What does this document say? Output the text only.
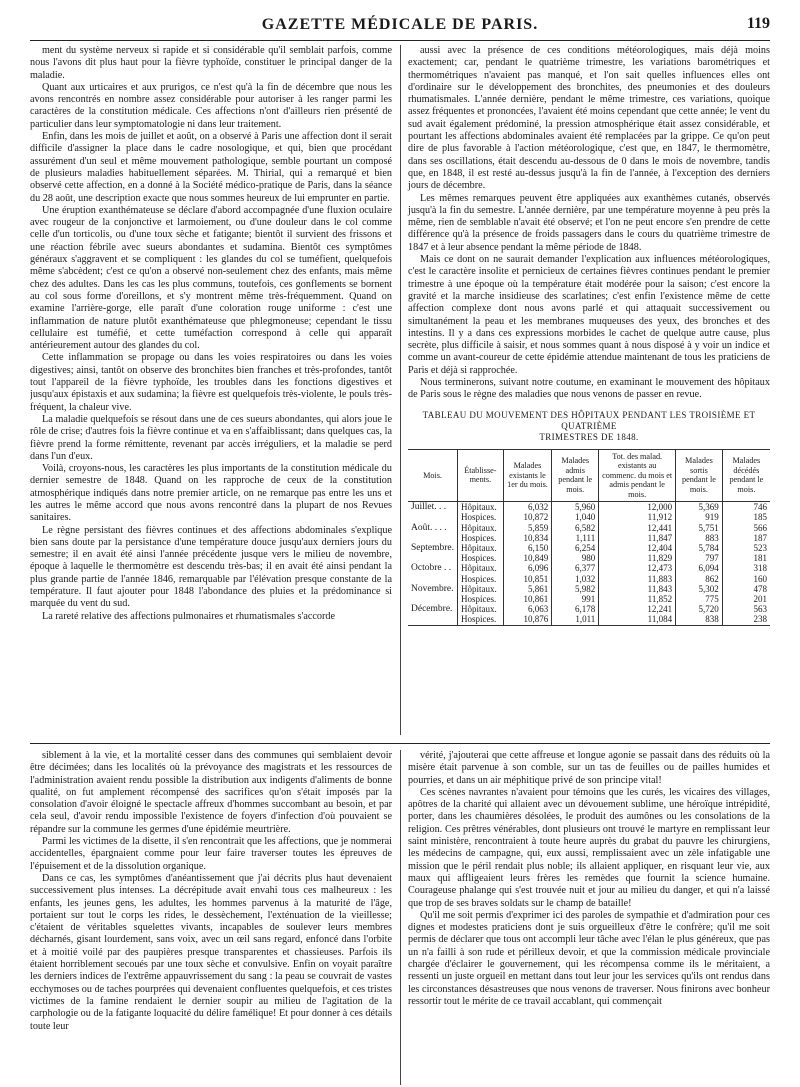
GAZETTE MÉDICALE DE PARIS.	119

ment du système nerveux si rapide et si considérable qu'il semblait parfois, comme nous l'avons dit plus haut pour la fièvre typhoïde, constituer le principal danger de la maladie.

Quant aux urticaires et aux prurigos, ce n'est qu'à la fin de décembre que nous les avons rencontrés en nombre assez considérable pour autoriser à les ranger parmi les caractères de la constitution médicale. Ces affections n'ont d'ailleurs rien présenté de particulier dans leur symptomatologie ni dans leur traitement.

Enfin, dans les mois de juillet et août, on a observé à Paris une affection dont il serait difficile d'assigner la place dans le cadre nosologique, et qui, bien que procédant assurément d'un seul et même mouvement pathologique, semble pourtant un composé de plusieurs maladies habituellement séparées. M. Thirial, qui a remarqué et bien observé cette affection, en a donné à la Société médico-pratique de Paris, dans la séance du 28 août, une description exacte que nous sommes heureux de lui emprunter en partie.

Une éruption exanthémateuse se déclare d'abord accompagnée d'une fluxion oculaire avec rougeur de la conjonctive et larmoiement, ou d'une douleur dans le col comme celle d'un torticolis, ou d'une toux sèche et fatigante; bientôt il survient des frissons et une réaction fébrile avec sueurs abondantes et sudamina. Bientôt ces symptômes généraux s'aggravent et se compliquent : les glandes du col se tuméfient, quelquefois même s'abcèdent; c'est ce qu'on a observé non-seulement chez des enfants, mais même chez des adultes. Dans les cas les plus communs, toutefois, ces gonflements se bornent au col sous forme d'oreillons, et s'y montrent même très-fréquemment. Quand on examine l'arrière-gorge, elle paraît d'une coloration rouge uniforme : c'est une inflammation de nature plutôt exanthémateuse que phlegmoneuse; cependant le tissu cellulaire est tuméfié, et cette tuméfaction correspond à celle qui apparaît antérieurement autour des glandes du col.

Cette inflammation se propage ou dans les voies respiratoires ou dans les voies digestives; ainsi, tantôt on observe des bronchites bien franches et très-profondes, tantôt tout l'appareil de la fièvre typhoïde, les troubles dans les fonctions digestives et jusqu'aux épistaxis et aux sudamina; la fièvre est quelquefois très-violente, le pouls très-fréquent, la chaleur vive.

La maladie quelquefois se résout dans une de ces sueurs abondantes, qui alors joue le rôle de crise; d'autres fois la fièvre continue et va en s'affaiblissant; dans quelques cas, la fièvre prend la forme rémittente, revenant par accès irréguliers, et la maladie se perd dans l'un d'eux.

Voilà, croyons-nous, les caractères les plus importants de la constitution médicale du dernier semestre de 1848. Quand on les rapproche de ceux de la constitution atmosphérique indiqués dans notre premier article, on ne remarque pas entre les uns et les autres le même accord que nous avons rencontré dans la plupart de nos Revues sanitaires.

Le règne persistant des fièvres continues et des affections abdominales s'explique bien sans doute par la persistance d'une température douce jusqu'aux derniers jours du semestre; il en avait été ainsi l'année précédente jusque vers le milieu de novembre, époque à laquelle le thermomètre est descendu très-bas; il en avait été ainsi pendant la plus grande partie de l'année 1846, remarquable par l'élévation presque constante de la température. Il faut ajouter pour 1848 l'abondance des pluies et la prédominance si marquée du vent du sud.

La rareté relative des affections pulmonaires et rhumatismales s'accorde

aussi avec la présence de ces conditions météorologiques, mais déjà moins exactement; car, pendant le quatrième trimestre, les variations barométriques et thermométriques n'avaient pas manqué, et l'on sait quelles influences elles ont d'ordinaire sur le développement des bronchites, des pneumonies et des douleurs rhumatismales. L'année dernière, pendant le même trimestre, ces variations, quoique assez fréquentes et prononcées, l'avaient été moins cependant que cette année; le vent du sud avait également prédominé, la pression atmosphérique était assez considérable, et pourtant les affections abdominales avaient été remplacées par la grippe. Ce qu'on peut dire de plus favorable à l'action météorologique, c'est que, en 1847, le thermomètre, dans ses oscillations, était descendu au-dessous de 0 dans le mois de novembre, tandis que, en 1848, il est resté au-dessus jusqu'à la fin de l'année, à l'exception des derniers jours de décembre.

Les mêmes remarques peuvent être appliquées aux exanthèmes cutanés, observés jusqu'à la fin du semestre. L'année dernière, par une température moyenne à peu près la même, rien de semblable n'avait été observé; et l'on ne peut encore s'en prendre de cette différence qu'à la présence de froids passagers dans le cours du quatrième trimestre de 1847 et à leur absence pendant la même période de 1848.

Mais ce dont on ne saurait demander l'explication aux influences météorologiques, c'est le caractère insolite et pernicieux de certaines fièvres continues pendant le premier trimestre à une époque où la température était modérée pour la saison; c'est encore la gravité et la marche insidieuse des scarlatines; c'est enfin l'existence même de cette affection complexe dont nous avons parlé et qui attaquait successivement ou simultanément la peau et les membranes muqueuses des yeux, des bronches et des intestins. Il y a dans ces expressions morbides le cachet de quelque autre cause, plus secrète, plus difficile à saisir, et nous sommes quant à nous disposé à y voir un indice et comme un avant-coureur de cette épidémie attendue maintenant de tous les praticiens de Paris et déjà si rapprochée.

Nous terminerons, suivant notre coutume, en examinant le mouvement des hôpitaux de Paris sous le règne des maladies que nous venons de passer en revue.

TABLEAU DU MOUVEMENT DES HÔPITAUX PENDANT LES TROISIÈME ET QUATRIÈME
TRIMESTRES DE 1848.
Mois.	Établisse-ments.	Malades existants le 1er du mois.	Malades admis pendant le mois.	Tot. des malad. existants au commenc. du mois et admis pendant le mois.	Malades sortis pendant le mois.	Malades décédés pendant le mois.
Juillet. . .	Hôpitaux.	6,032	5,960	12,000	5,369	746
	Hospices.	10,872	1,040	11,912	919	185
Août. . . .	Hôpitaux.	5,859	6,582	12,441	5,751	566
	Hospices.	10,834	1,111	11,847	883	187
Septembre.	Hôpitaux.	6,150	6,254	12,404	5,784	523
	Hospices.	10,849	980	11,829	797	181
Octobre . .	Hôpitaux.	6,096	6,377	12,473	6,094	318
	Hospices.	10,851	1,032	11,883	862	160
Novembre.	Hôpitaux.	5,861	5,982	11,843	5,302	478
	Hospices.	10,861	991	11,852	775	201
Décembre.	Hôpitaux.	6,063	6,178	12,241	5,720	563
	Hospices.	10,876	1,011	11,084	838	238

siblement à la vie, et la mortalité cesser dans des communes qui semblaient devoir être décimées; dans les localités où la prévoyance des magistrats et les ressources de l'administration avaient rendu possible la distribution aux indigents d'aliments de bonne qualité, on fut amplement récompensé des sacrifices qu'on s'était imposés par la consolation d'avoir éloigné le spectacle affreux d'hommes succombant au besoin, et par cela seul, d'avoir rendu impossible l'existence de foyers d'infection d'où pouvaient se répandre sur la commune les germes d'une épidémie meurtrière.

Parmi les victimes de la disette, il s'en rencontrait que les affections, que je nommerai accidentelles, épargnaient comme pour leur faire traverser toutes les épreuves de l'épuisement et de la dissolution organique.

Dans ce cas, les symptômes d'anéantissement que j'ai décrits plus haut devenaient successivement plus intenses. La décrépitude avait envahi tous ces malheureux : les enfants, les jeunes gens, les adultes, les hommes parvenus à la maturité de l'âge, portaient sur tout le corps les rides, le dessèchement, l'exténuation de la vieillesse; c'étaient de véritables squelettes vivants, incapables de soulever leurs membres décharnés, gisant lourdement, sans voix, avec un œil sans regard, enfoncé dans l'orbite et à moitié voilé par des paupières presque transparentes et chassieuses. Parfois ils étaient horriblement secoués par une toux sèche et convulsive. Enfin on voyait paraître les derniers indices de l'extrême appauvrissement du sang : la peau se couvrait de vastes ecchymoses ou de taches pourprées qui devenaient confluentes quelquefois, et ces tristes victimes de la famine rendaient le dernier soupir au milieu de l'agitation de la carphologie ou de la fatigante loquacité du délire famélique! Et pour donner à ces détails toute leur

vérité, j'ajouterai que cette affreuse et longue agonie se passait dans des réduits où la misère était parvenue à son comble, sur un tas de feuilles ou de pailles humides et pourries, et dans un air méphitique privé de son principe vital!

Ces scènes navrantes n'avaient pour témoins que les curés, les vicaires des villages, apôtres de la charité qui allaient avec un dévouement sublime, une héroïque intrépidité, porter, dans les chaumières désolées, le produit des aumônes ou les consolations de la religion. Ces prêtres vénérables, dont plusieurs ont trouvé le martyre en remplissant leur saint ministère, rencontraient à toute heure auprès du grabat du pauvre les chirurgiens, les médecins de campagne, qui, eux aussi, remplissaient avec un zèle infatigable une mission que le péril rendait plus noble; ils allaient appliquer, en risquant leur vie, aux maux qui affligeaient leurs frères les remèdes que fournit la science humaine. Courageuse phalange qui s'est trouvée nuit et jour au milieu du danger, et qui n'a laissé que trop de ses braves soldats sur le champ de bataille!

Qu'il me soit permis d'exprimer ici des paroles de sympathie et d'admiration pour ces dignes et modestes praticiens dont je suis orgueilleux d'être le confrère; qu'il me soit permis de déclarer que tous ont accompli leur tâche avec l'élan le plus généreux, que pas un n'a failli à son rude et périlleux devoir, et que la commission médicale provinciale chargée d'éclairer le gouvernement, qui les récompensa comme ils le méritaient, a ressenti un juste orgueil en mettant dans tout leur jour les services qu'ils ont rendus dans les circonstances désastreuses que nous venons de traverser. Nous finirons avec bonheur ressortir tout le mérite de ce travail accablant, qui commençait
